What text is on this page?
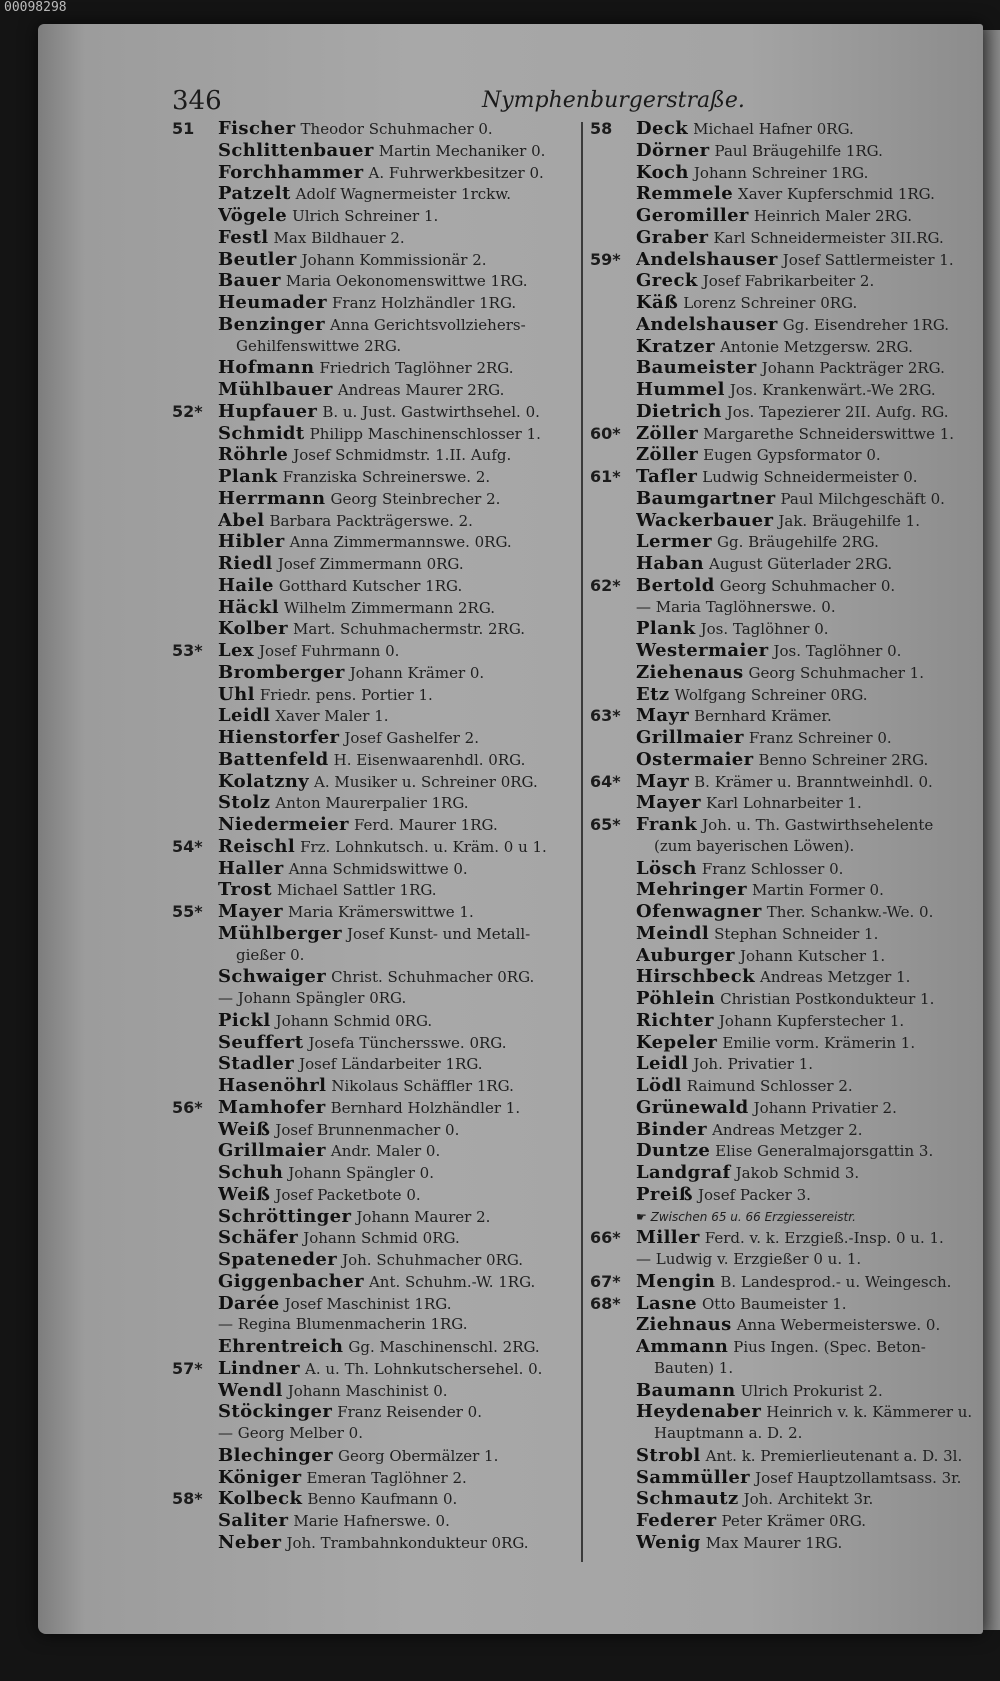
00098298
346	Nymphenburgerstraße.
51	Fischer Theodor Schuhmacher 0.
Schlittenbauer Martin Mechaniker 0.
Forchhammer A. Fuhrwerkbesitzer 0.
Patzelt Adolf Wagnermeister 1rckw.
Vögele Ulrich Schreiner 1.
Festl Max Bildhauer 2.
Beutler Johann Kommissionär 2.
Bauer Maria Oekonomenswittwe 1RG.
Heumader Franz Holzhändler 1RG.
Benzinger Anna Gerichtsvollziehers-
Gehilfenswittwe 2RG.
Hofmann Friedrich Taglöhner 2RG.
Mühlbauer Andreas Maurer 2RG.
52* Hupfauer B. u. Just. Gastwirthsehel. 0.
Schmidt Philipp Maschinenschlosser 1.
Röhrle Josef Schmidmstr. 1.II. Aufg.
Plank Franziska Schreinerswe. 2.
Herrmann Georg Steinbrecher 2.
Abel Barbara Packträgerswe. 2.
Hibler Anna Zimmermannswe. 0RG.
Riedl Josef Zimmermann 0RG.
Haile Gotthard Kutscher 1RG.
Häckl Wilhelm Zimmermann 2RG.
Kolber Mart. Schuhmachermstr. 2RG.
53* Lex Josef Fuhrmann 0.
Bromberger Johann Krämer 0.
Uhl Friedr. pens. Portier 1.
Leidl Xaver Maler 1.
Hienstorfer Josef Gashelfer 2.
Battenfeld H. Eisenwaarenhdl. 0RG.
Kolatzny A. Musiker u. Schreiner 0RG.
Stolz Anton Maurerpalier 1RG.
Niedermeier Ferd. Maurer 1RG.
54* Reischl Frz. Lohnkutsch. u. Kräm. 0 u 1.
Haller Anna Schmidswittwe 0.
Trost Michael Sattler 1RG.
55* Mayer Maria Krämerswittwe 1.
Mühlberger Josef Kunst- und Metall-
gießer 0.
Schwaiger Christ. Schuhmacher 0RG.
— Johann Spängler 0RG.
Pickl Johann Schmid 0RG.
Seuffert Josefa Tünchersswe. 0RG.
Stadler Josef Ländarbeiter 1RG.
Hasenöhrl Nikolaus Schäffler 1RG.
56* Mamhofer Bernhard Holzhändler 1.
Weiß Josef Brunnenmacher 0.
Grillmaier Andr. Maler 0.
Schuh Johann Spängler 0.
Weiß Josef Packetbote 0.
Schröttinger Johann Maurer 2.
Schäfer Johann Schmid 0RG.
Spateneder Joh. Schuhmacher 0RG.
Giggenbacher Ant. Schuhm.-W. 1RG.
Darée Josef Maschinist 1RG.
— Regina Blumenmacherin 1RG.
Ehrentreich Gg. Maschinenschl. 2RG.
57* Lindner A. u. Th. Lohnkutschersehel. 0.
Wendl Johann Maschinist 0.
Stöckinger Franz Reisender 0.
— Georg Melber 0.
Blechinger Georg Obermälzer 1.
Königer Emeran Taglöhner 2.
58* Kolbeck Benno Kaufmann 0.
Saliter Marie Hafnerswe. 0.
Neber Joh. Trambahnkondukteur 0RG.
58	Deck Michael Hafner 0RG.
Dörner Paul Bräugehilfe 1RG.
Koch Johann Schreiner 1RG.
Remmele Xaver Kupferschmid 1RG.
Geromiller Heinrich Maler 2RG.
Graber Karl Schneidermeister 3II.RG.
59* Andelshauser Josef Sattlermeister 1.
Greck Josef Fabrikarbeiter 2.
Käß Lorenz Schreiner 0RG.
Andelshauser Gg. Eisendreher 1RG.
Kratzer Antonie Metzgersw. 2RG.
Baumeister Johann Packträger 2RG.
Hummel Jos. Krankenwärt.-We 2RG.
Dietrich Jos. Tapezierer 2II. Aufg. RG.
60* Zöller Margarethe Schneiderswittwe 1.
Zöller Eugen Gypsformator 0.
61* Tafler Ludwig Schneidermeister 0.
Baumgartner Paul Milchgeschäft 0.
Wackerbauer Jak. Bräugehilfe 1.
Lermer Gg. Bräugehilfe 2RG.
Haban August Güterlader 2RG.
62* Bertold Georg Schuhmacher 0.
— Maria Taglöhnerswe. 0.
Plank Jos. Taglöhner 0.
Westermaier Jos. Taglöhner 0.
Ziehenaus Georg Schuhmacher 1.
Etz Wolfgang Schreiner 0RG.
63* Mayr Bernhard Krämer.
Grillmaier Franz Schreiner 0.
Ostermaier Benno Schreiner 2RG.
64* Mayr B. Krämer u. Branntweinhdl. 0.
Mayer Karl Lohnarbeiter 1.
65* Frank Joh. u. Th. Gastwirthsehelente
(zum bayerischen Löwen).
Lösch Franz Schlosser 0.
Mehringer Martin Former 0.
Ofenwagner Ther. Schankw.-We. 0.
Meindl Stephan Schneider 1.
Auburger Johann Kutscher 1.
Hirschbeck Andreas Metzger 1.
Pöhlein Christian Postkondukteur 1.
Richter Johann Kupferstecher 1.
Kepeler Emilie vorm. Krämerin 1.
Leidl Joh. Privatier 1.
Lödl Raimund Schlosser 2.
Grünewald Johann Privatier 2.
Binder Andreas Metzger 2.
Duntze Elise Generalmajorsgattin 3.
Landgraf Jakob Schmid 3.
Preiß Josef Packer 3.
☛ Zwischen 65 u. 66 Erzgiessereistr.
66* Miller Ferd. v. k. Erzgieß.-Insp. 0 u. 1.
— Ludwig v. Erzgießer 0 u. 1.
67* Mengin B. Landesprod.- u. Weingesch.
68* Lasne Otto Baumeister 1.
Ziehnaus Anna Webermeisterswe. 0.
Ammann Pius Ingen. (Spec. Beton-
Bauten) 1.
Baumann Ulrich Prokurist 2.
Heydenaber Heinrich v. k. Kämmerer u.
Hauptmann a. D. 2.
Strobl Ant. k. Premierlieutenant a. D. 3l.
Sammüller Josef Hauptzollamtsass. 3r.
Schmautz Joh. Architekt 3r.
Federer Peter Krämer 0RG.
Wenig Max Maurer 1RG.
